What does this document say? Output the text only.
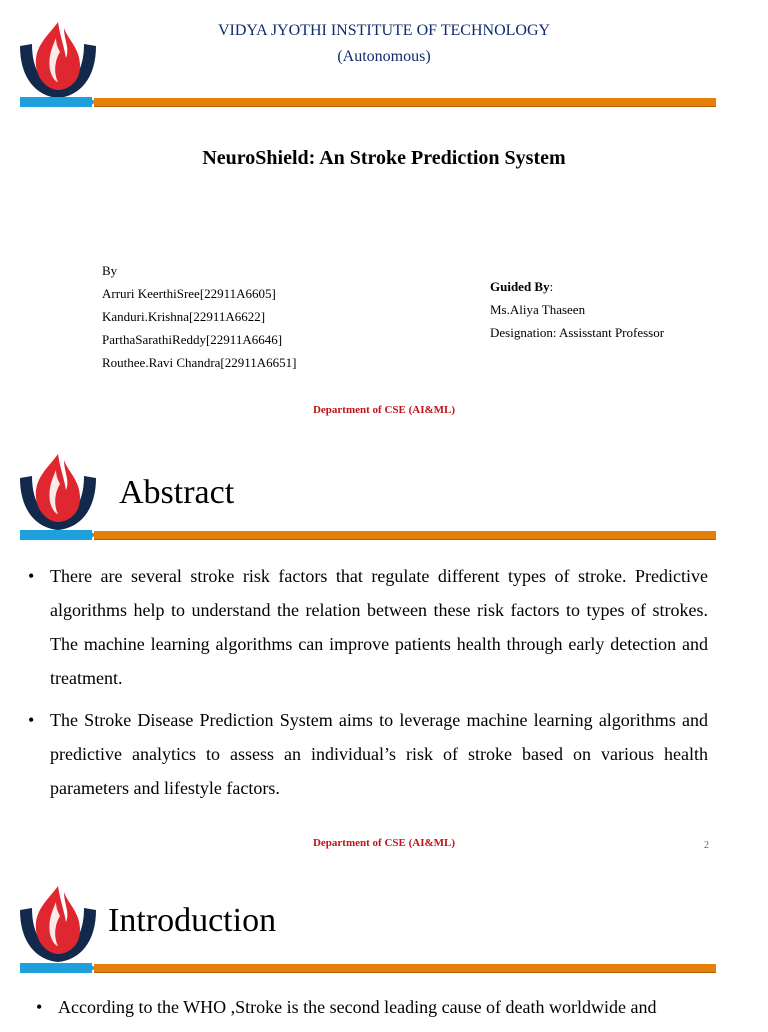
VIDYA JYOTHI INSTITUTE OF TECHNOLOGY
(Autonomous)
NeuroShield: An Stroke Prediction System
By
Arruri KeerthiSree[22911A6605]
Kanduri.Krishna[22911A6622]
ParthaSarathiReddy[22911A6646]
Routhee.Ravi Chandra[22911A6651]
Guided By:
Ms.Aliya Thaseen
Designation: Assisstant Professor
Department of CSE (AI&ML)
Abstract
• There are several stroke risk factors that regulate different types of stroke. Predictive algorithms help to understand the relation between these risk factors to types of strokes. The machine learning algorithms can improve patients health through early detection and treatment.
• The Stroke Disease Prediction System aims to leverage machine learning algorithms and predictive analytics to assess an individual’s risk of stroke based on various health parameters and lifestyle factors.
Department of CSE (AI&ML)	2
Introduction
• According to the WHO ,Stroke is the second leading cause of death worldwide and
